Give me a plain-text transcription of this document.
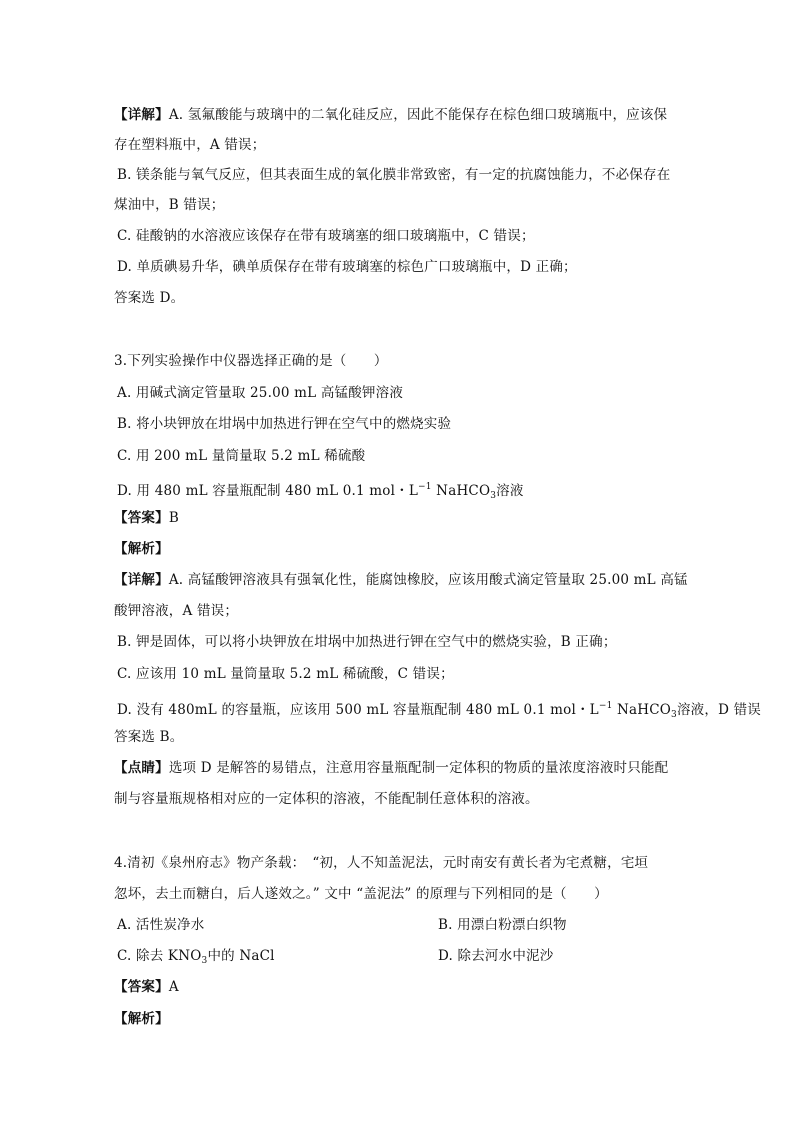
【详解】A. 氢氟酸能与玻璃中的二氧化硅反应，因此不能保存在棕色细口玻璃瓶中，应该保
存在塑料瓶中，A 错误；
B. 镁条能与氧气反应，但其表面生成的氧化膜非常致密，有一定的抗腐蚀能力，不必保存在
煤油中，B 错误；
C. 硅酸钠的水溶液应该保存在带有玻璃塞的细口玻璃瓶中，C 错误；
D. 单质碘易升华，碘单质保存在带有玻璃塞的棕色广口玻璃瓶中，D 正确；
答案选 D。
3.下列实验操作中仪器选择正确的是（　　）
A. 用碱式滴定管量取 25.00 mL 高锰酸钾溶液
B. 将小块钾放在坩埚中加热进行钾在空气中的燃烧实验
C. 用 200 mL 量筒量取 5.2 mL 稀硫酸
D. 用 480 mL 容量瓶配制 480 mL 0.1 mol・$L^{-1}$ NaHCO$_3$溶液
【答案】B
【解析】
【详解】A. 高锰酸钾溶液具有强氧化性，能腐蚀橡胶，应该用酸式滴定管量取 25.00 mL 高锰
酸钾溶液，A 错误；
B. 钾是固体，可以将小块钾放在坩埚中加热进行钾在空气中的燃烧实验，B 正确；
C. 应该用 10 mL 量筒量取 5.2 mL 稀硫酸，C 错误；
D. 没有 480mL 的容量瓶，应该用 500 mL 容量瓶配制 480 mL 0.1 mol・$L^{-1}$ NaHCO$_3$溶液，D 错误
答案选 B。
【点睛】选项 D 是解答的易错点，注意用容量瓶配制一定体积的物质的量浓度溶液时只能配
制与容量瓶规格相对应的一定体积的溶液，不能配制任意体积的溶液。
4.清初《泉州府志》物产条载：　“初，人不知盖泥法，元时南安有黄长者为宅煮糖，宅垣
忽坏，去土而糖白，后人遂效之。” 文中 “盖泥法” 的原理与下列相同的是（　　）
A. 活性炭净水	B. 用漂白粉漂白织物
C. 除去 $KNO_3$中的 NaCl	D. 除去河水中泥沙
【答案】A
【解析】
